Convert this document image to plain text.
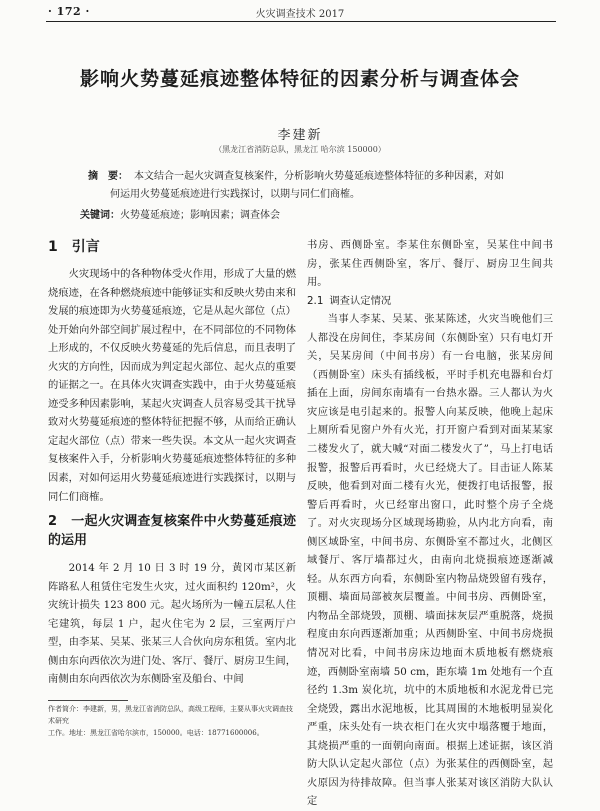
· 172 ·	火灾调查技术 2017
影响火势蔓延痕迹整体特征的因素分析与调查体会
李建新
（黑龙江省消防总队，黑龙江 哈尔滨 150000）
摘　要： 本文结合一起火灾调查复核案件，分析影响火势蔓延痕迹整体特征的多种因素，对如
何运用火势蔓延痕迹进行实践探讨，以期与同仁们商榷。
关键词：火势蔓延痕迹；影响因素；调查体会
1 引言

火灾现场中的各种物体受火作用，形成了大量的燃烧痕迹，在各种燃烧痕迹中能够证实和反映火势由来和发展的痕迹即为火势蔓延痕迹，它是从起火部位（点）处开始向外部空间扩展过程中，在不同部位的不同物体上形成的，不仅反映火势蔓延的先后信息，而且表明了火灾的方向性，因而成为判定起火部位、起火点的重要的证据之一。在具体火灾调查实践中，由于火势蔓延痕迹受多种因素影响，某起火灾调查人员容易受其干扰导致对火势蔓延痕迹的整体特征把握不够，从而给正确认定起火部位（点）带来一些失误。本文从一起火灾调查复核案件入手，分析影响火势蔓延痕迹整体特征的多种因素，对如何运用火势蔓延痕迹进行实践探讨，以期与同仁们商榷。

2 一起火灾调查复核案件中火势蔓延痕迹的运用

2014 年 2 月 10 日 3 时 19 分，黄冈市某区新阵路私人租赁住宅发生火灾，过火面积约 120m²，火灾统计损失 123 800 元。起火场所为一幢五层私人住宅建筑，每层 1 户，起火住宅为 2 层，三室两厅户型，由李某、吴某、张某三人合伙向房东租赁。室内北侧由东向西依次为进门处、客厅、餐厅、厨房卫生间，南侧由东向西依次为东侧卧室及船台、中间

书房、西侧卧室。李某住东侧卧室，吴某住中间书房，张某住西侧卧室，客厅、餐厅、厨房卫生间共用。

2.1 调查认定情况

当事人李某、吴某、张某陈述，火灾当晚他们三人都没在房间住，李某房间（东侧卧室）只有电灯开关，吴某房间（中间书房）有一台电脑，张某房间（西侧卧室）床头有插线板，平时手机充电器和台灯插在上面，房间东南墙有一台热水器。三人都认为火灾应该是电引起来的。报警人向某反映，他晚上起床上厕所看见窗户外有火光，打开窗户看到对面某某家二楼发火了，就大喊“对面二楼发火了”，马上打电话报警，报警后再看时，火已经烧大了。目击证人陈某反映，他看到对面二楼有火光，便拨打电话报警，报警后再看时，火已经窜出窗口，此时整个房子全烧了。对火灾现场分区域现场勘验，从内北方向看，南侧区域卧室，中间书房、东侧卧室不都过火，北侧区域餐厅、客厅墙都过火，由南向北烧损痕迹逐渐减轻。从东西方向看，东侧卧室内物品烧毁留有残存，顶棚、墙面局部被灰层覆盖。中间书房、西侧卧室，内物品全部烧毁，顶棚、墙面抹灰层严重脱落，烧损程度由东向西逐渐加重；从西侧卧室、中间书房烧损情况对比看，中间书房床边地面木质地板有燃烧痕迹，西侧卧室南墙 50 cm，距东墙 1m 处地有一个直径约 1.3m 炭化坑，坑中的木质地板和水泥龙骨已完全烧毁，露出水泥地板，比其周围的木地板明显炭化严重，床头处有一块衣柜门在火灾中塌落覆于地面，其烧损严重的一面朝向南面。根据上述证据，该区消防大队认定起火部位（点）为张某住的西侧卧室，起火原因为待排故障。但当事人张某对该区消防大队认定

作者简介：李建新，男，黑龙江省消防总队，高级工程师，主要从事火灾调查技术研究
工作。地址：黑龙江省哈尔滨市，150000。电话：18771600006。
